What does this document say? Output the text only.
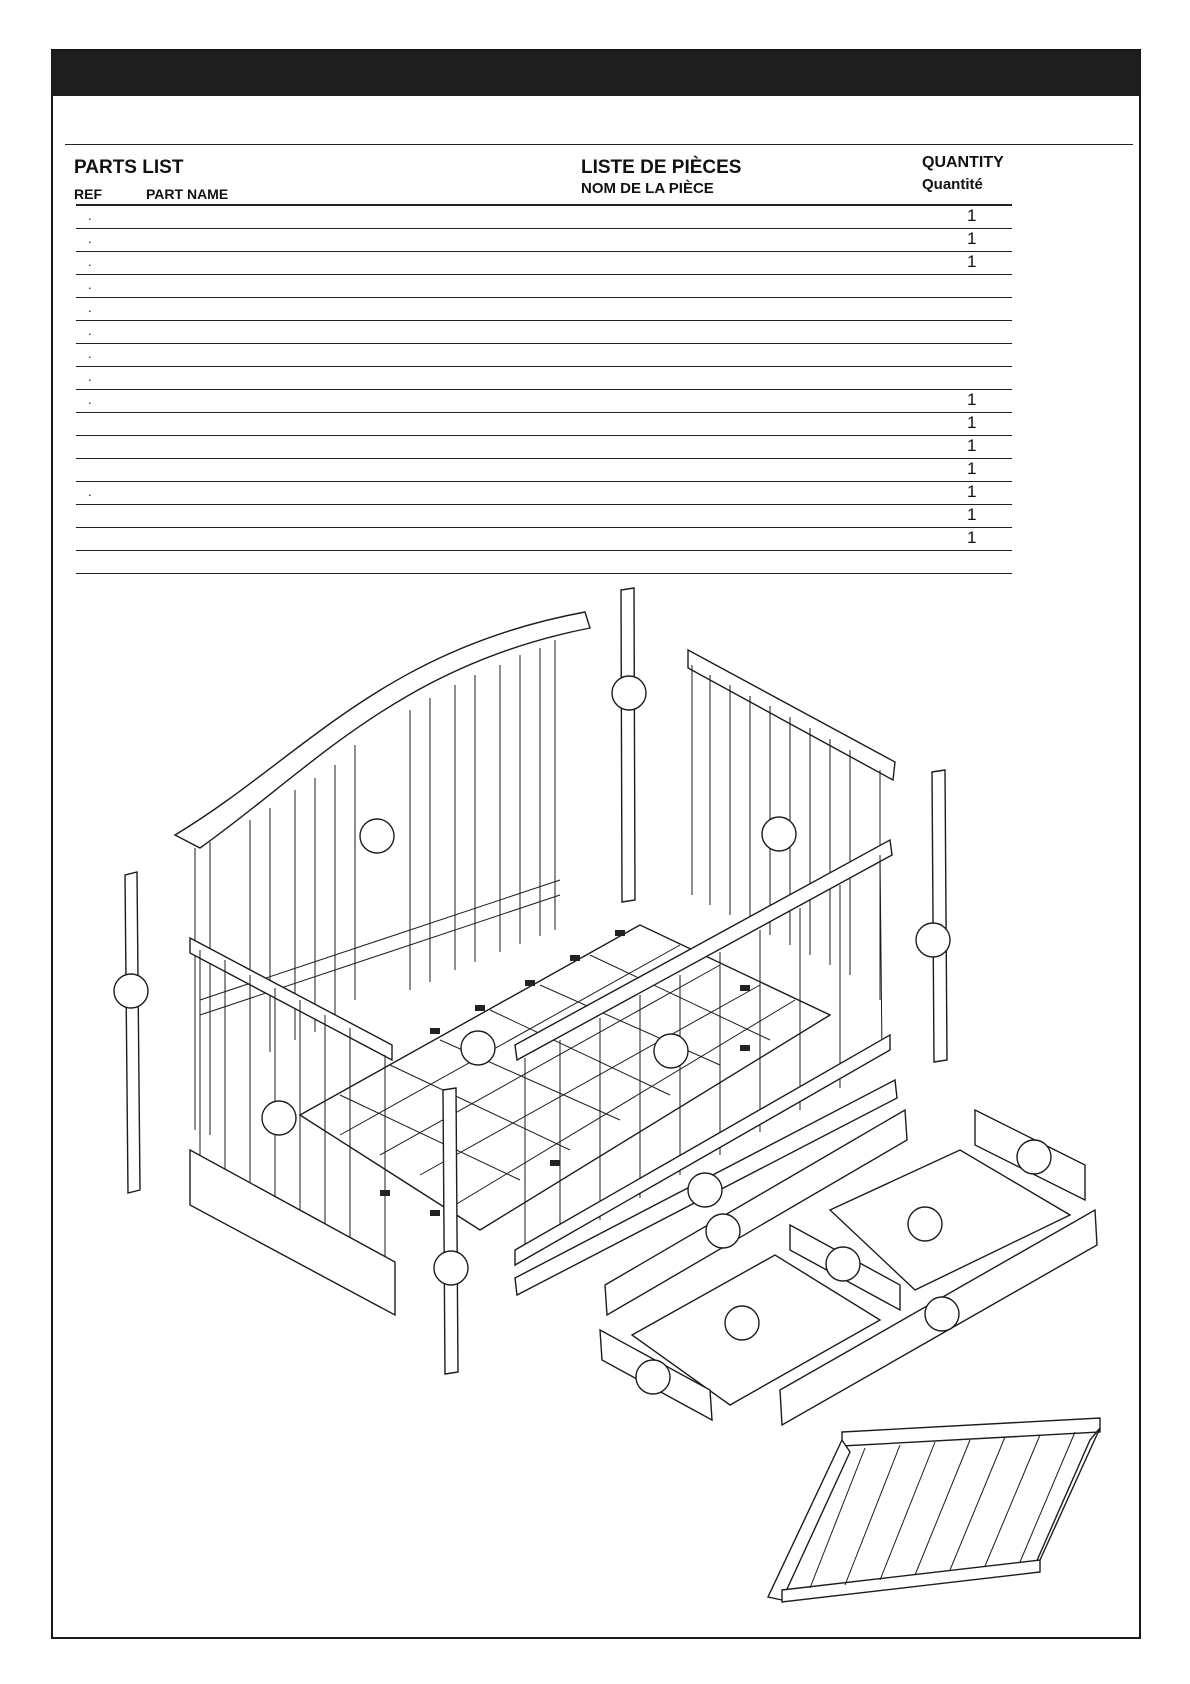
PARTS LIST
REF	PART NAME
LISTE DE PIÈCES
NOM DE LA PIÈCE
QUANTITY
Quantité
.	1
.	1
.	1
.
.
.
.
.
.	1
1
1
1
.	1
1
1
